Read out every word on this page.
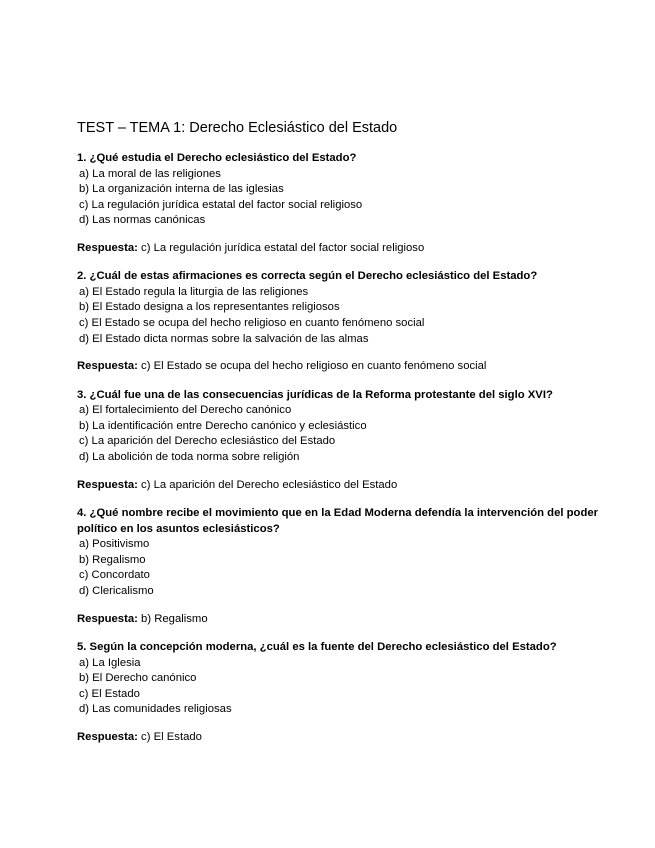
TEST – TEMA 1: Derecho Eclesiástico del Estado

1. ¿Qué estudia el Derecho eclesiástico del Estado?

a) La moral de las religiones
b) La organización interna de las iglesias
c) La regulación jurídica estatal del factor social religioso
d) Las normas canónicas

Respuesta: c) La regulación jurídica estatal del factor social religioso

2. ¿Cuál de estas afirmaciones es correcta según el Derecho eclesiástico del Estado?

a) El Estado regula la liturgia de las religiones
b) El Estado designa a los representantes religiosos
c) El Estado se ocupa del hecho religioso en cuanto fenómeno social
d) El Estado dicta normas sobre la salvación de las almas

Respuesta: c) El Estado se ocupa del hecho religioso en cuanto fenómeno social

3. ¿Cuál fue una de las consecuencias jurídicas de la Reforma protestante del siglo XVI?

a) El fortalecimiento del Derecho canónico
b) La identificación entre Derecho canónico y eclesiástico
c) La aparición del Derecho eclesiástico del Estado
d) La abolición de toda norma sobre religión

Respuesta: c) La aparición del Derecho eclesiástico del Estado

4. ¿Qué nombre recibe el movimiento que en la Edad Moderna defendía la intervención del poder político en los asuntos eclesiásticos?

a) Positivismo
b) Regalismo
c) Concordato
d) Clericalismo

Respuesta: b) Regalismo

5. Según la concepción moderna, ¿cuál es la fuente del Derecho eclesiástico del Estado?

a) La Iglesia
b) El Derecho canónico
c) El Estado
d) Las comunidades religiosas

Respuesta: c) El Estado
